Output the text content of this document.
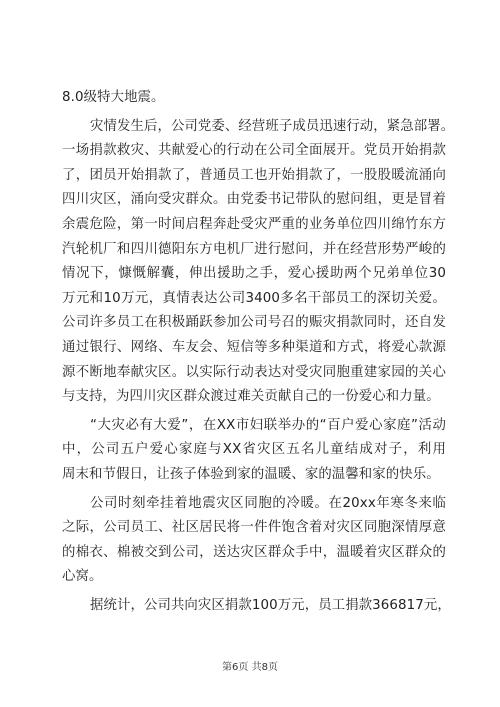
8.0级特大地震。
灾情发生后，公司党委、经营班子成员迅速行动，紧急部署。
一场捐款救灾、共献爱心的行动在公司全面展开。党员开始捐款
了，团员开始捐款了，普通员工也开始捐款了，一股股暖流涌向
四川灾区，涌向受灾群众。由党委书记带队的慰问组，更是冒着
余震危险，第一时间启程奔赴受灾严重的业务单位四川绵竹东方
汽轮机厂和四川德阳东方电机厂进行慰问，并在经营形势严峻的
情况下，慷慨解囊，伸出援助之手，爱心援助两个兄弟单位30
万元和10万元，真情表达公司3400多名干部员工的深切关爱。
公司许多员工在积极踊跃参加公司号召的赈灾捐款同时，还自发
通过银行、网络、车友会、短信等多种渠道和方式，将爱心款源
源不断地奉献灾区。以实际行动表达对受灾同胞重建家园的关心
与支持，为四川灾区群众渡过难关贡献自己的一份爱心和力量。
“大灾必有大爱”，在XX市妇联举办的“百户爱心家庭”活动
中，公司五户爱心家庭与XX省灾区五名儿童结成对子，利用
周末和节假日，让孩子体验到家的温暖、家的温馨和家的快乐。
公司时刻牵挂着地震灾区同胞的冷暖。在20xx年寒冬来临
之际，公司员工、社区居民将一件件饱含着对灾区同胞深情厚意
的棉衣、棉被交到公司，送达灾区群众手中，温暖着灾区群众的
心窝。
据统计，公司共向灾区捐款100万元，员工捐款366817元，
第6页 共8页
